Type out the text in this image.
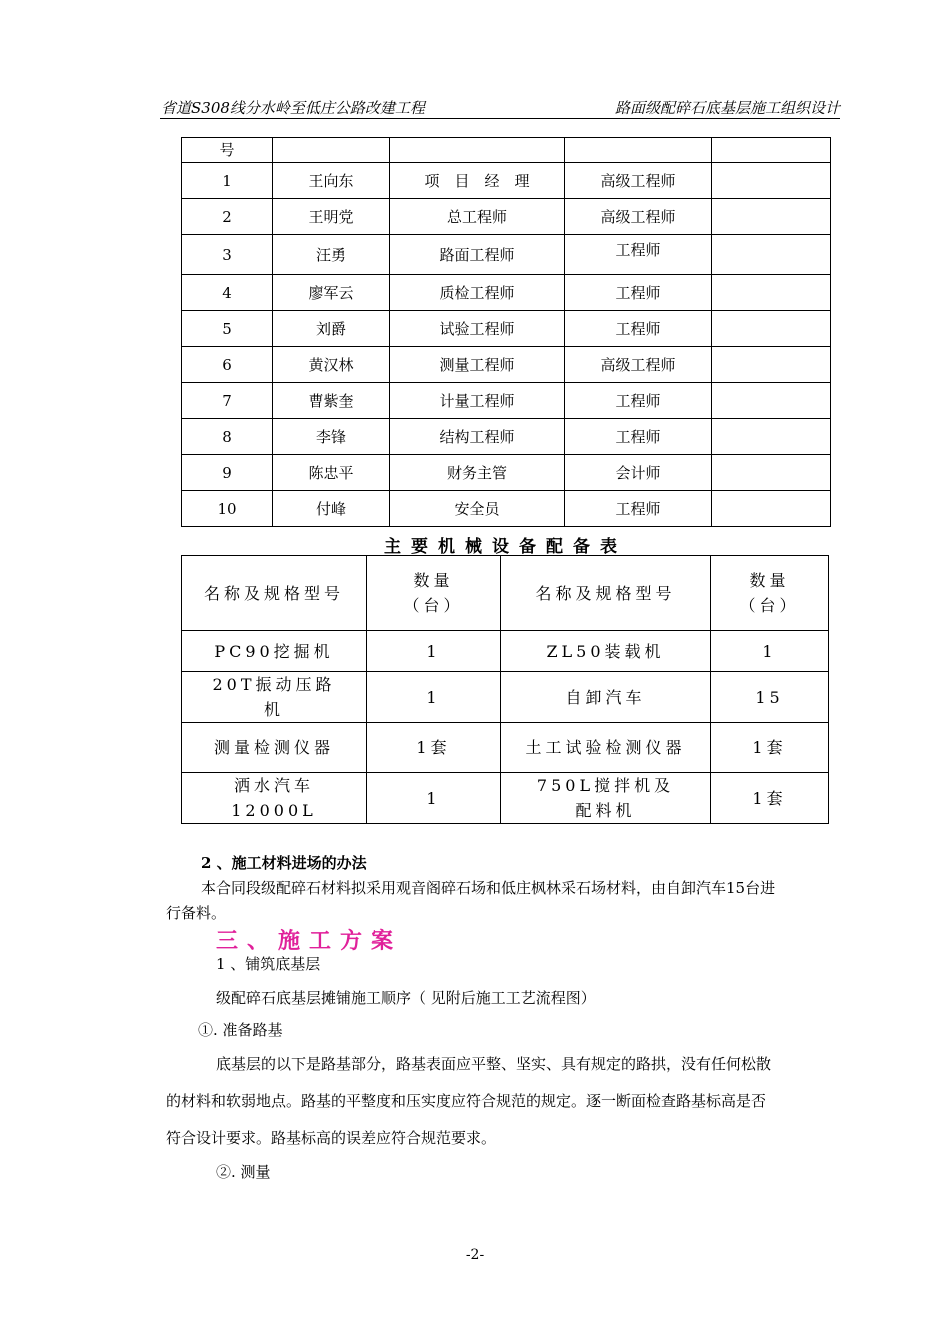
省道S308线分水岭至低庄公路改建工程	路面级配碎石底基层施工组织设计
号				
1	王向东	项　目　经　理	高级工程师	
2	王明党	总工程师	高级工程师	
3	汪勇	路面工程师	工程师	
4	廖军云	质检工程师	工程师	
5	刘爵	试验工程师	工程师	
6	黄汉林	测量工程师	高级工程师	
7	曹紫奎	计量工程师	工程师	
8	李锋	结构工程师	工程师	
9	陈忠平	财务主管	会计师	
10	付峰	安全员	工程师	
主要机械设备配备表
名称及规格型号	数量（台）	名称及规格型号	数量（台）
PC90挖掘机	1	ZL50装载机	1
20T振动压路机	1	自卸汽车	15
测量检测仪器	1套	土工试验检测仪器	1套
洒水汽车12000L	1	750L搅拌机及配料机	1套
2 、施工材料进场的办法
本合同段级配碎石材料拟采用观音阁碎石场和低庄枫林采石场材料，由自卸汽车15台进
行备料。
三、施工方案
1 、铺筑底基层
级配碎石底基层摊铺施工顺序（ 见附后施工工艺流程图）
①. 准备路基
底基层的以下是路基部分，路基表面应平整、坚实、具有规定的路拱，没有任何松散
的材料和软弱地点。路基的平整度和压实度应符合规范的规定。逐一断面检查路基标高是否
符合设计要求。路基标高的误差应符合规范要求。
②. 测量
-2-
